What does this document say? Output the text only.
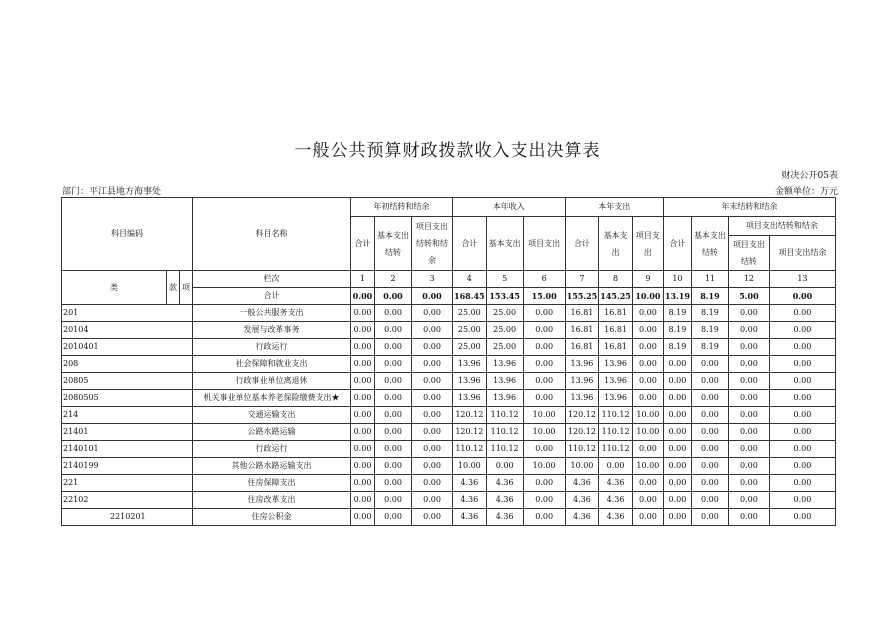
一般公共预算财政拨款收入支出决算表
财决公开05表
部门：平江县地方海事处	金额单位：万元
科目编码			科目名称	年初结转和结余			本年收入			本年支出			年末结转和结余			
				合计	基本支出结转	项目支出结转和结余	合计	基本支出	项目支出	合计	基本支出	项目支出	合计	基本支出结转	项目支出结转和结余	
															项目支出结转	项目支出结余

类	款	项	栏次	1	2	3	4	5	6	7	8	9	10	11	12	13
			合计	0.00	0.00	0.00	168.45	153.45	15.00	155.25	145.25	10.00	13.19	8.19	5.00	0.00
201			一般公共服务支出	0.00	0.00	0.00	25.00	25.00	0.00	16.81	16.81	0.00	8.19	8.19	0.00	0.00
20104			发展与改革事务	0.00	0.00	0.00	25.00	25.00	0.00	16.81	16.81	0.00	8.19	8.19	0.00	0.00
2010401			行政运行	0.00	0.00	0.00	25.00	25.00	0.00	16.81	16.81	0.00	8.19	8.19	0.00	0.00
208			社会保障和就业支出	0.00	0.00	0.00	13.96	13.96	0.00	13.96	13.96	0.00	0.00	0.00	0.00	0.00
20805			行政事业单位离退休	0.00	0.00	0.00	13.96	13.96	0.00	13.96	13.96	0.00	0.00	0.00	0.00	0.00
2080505			机关事业单位基本养老保险缴费支出★	0.00	0.00	0.00	13.96	13.96	0.00	13.96	13.96	0.00	0.00	0.00	0.00	0.00
214			交通运输支出	0.00	0.00	0.00	120.12	110.12	10.00	120.12	110.12	10.00	0.00	0.00	0.00	0.00
21401			公路水路运输	0.00	0.00	0.00	120.12	110.12	10.00	120.12	110.12	10.00	0.00	0.00	0.00	0.00
2140101			行政运行	0.00	0.00	0.00	110.12	110.12	0.00	110.12	110.12	0.00	0.00	0.00	0.00	0.00
2140199			其他公路水路运输支出	0.00	0.00	0.00	10.00	0.00	10.00	10.00	0.00	10.00	0.00	0.00	0.00	0.00
221			住房保障支出	0.00	0.00	0.00	4.36	4.36	0.00	4.36	4.36	0.00	0.00	0.00	0.00	0.00
22102			住房改革支出	0.00	0.00	0.00	4.36	4.36	0.00	4.36	4.36	0.00	0.00	0.00	0.00	0.00
2210201			住房公积金	0.00	0.00	0.00	4.36	4.36	0.00	4.36	4.36	0.00	0.00	0.00	0.00	0.00
